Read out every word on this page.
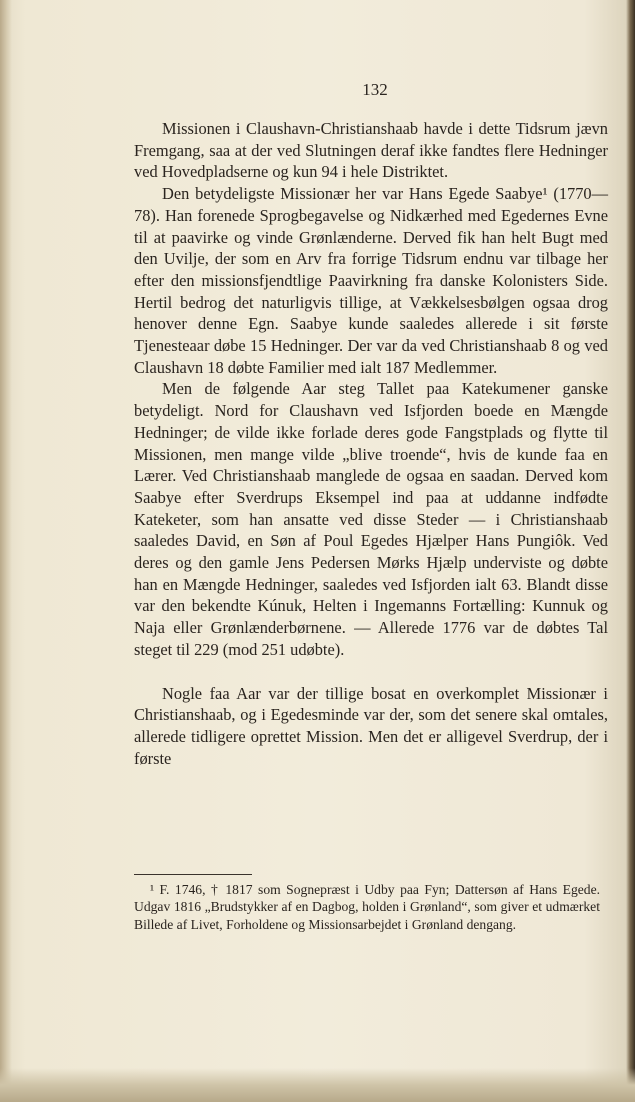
132

Missionen i Claushavn-Christianshaab havde i dette Tidsrum jævn Fremgang, saa at der ved Slutningen deraf ikke fandtes flere Hedninger ved Hovedpladserne og kun 94 i hele Distriktet.

Den betydeligste Missionær her var Hans Egede Saabye¹ (1770—78). Han forenede Sprogbegavelse og Nidkærhed med Egedernes Evne til at paavirke og vinde Grønlænderne. Derved fik han helt Bugt med den Uvilje, der som en Arv fra forrige Tidsrum endnu var tilbage her efter den missionsfjendtlige Paavirkning fra danske Kolonisters Side. Hertil bedrog det naturligvis tillige, at Vækkelsesbølgen ogsaa drog henover denne Egn. Saabye kunde saaledes allerede i sit første Tjenesteaar døbe 15 Hedninger. Der var da ved Christianshaab 8 og ved Claushavn 18 døbte Familier med ialt 187 Medlemmer.

Men de følgende Aar steg Tallet paa Katekumener ganske betydeligt. Nord for Claushavn ved Isfjorden boede en Mængde Hedninger; de vilde ikke forlade deres gode Fangstplads og flytte til Missionen, men mange vilde „blive troende“, hvis de kunde faa en Lærer. Ved Christianshaab manglede de ogsaa en saadan. Derved kom Saabye efter Sverdrups Eksempel ind paa at uddanne indfødte Kateketer, som han ansatte ved disse Steder — i Christianshaab saaledes David, en Søn af Poul Egedes Hjælper Hans Pungiôk. Ved deres og den gamle Jens Pedersen Mørks Hjælp underviste og døbte han en Mængde Hedninger, saaledes ved Isfjorden ialt 63. Blandt disse var den bekendte Kúnuk, Helten i Ingemanns Fortælling: Kunnuk og Naja eller Grønlænderbørnene. — Allerede 1776 var de døbtes Tal steget til 229 (mod 251 udøbte).

Nogle faa Aar var der tillige bosat en overkomplet Missionær i Christianshaab, og i Egedesminde var der, som det senere skal omtales, allerede tidligere oprettet Mission. Men det er alligevel Sverdrup, der i første

¹ F. 1746, † 1817 som Sognepræst i Udby paa Fyn; Dattersøn af Hans Egede. Udgav 1816 „Brudstykker af en Dagbog, holden i Grønland“, som giver et udmærket Billede af Livet, Forholdene og Missionsarbejdet i Grønland dengang.
